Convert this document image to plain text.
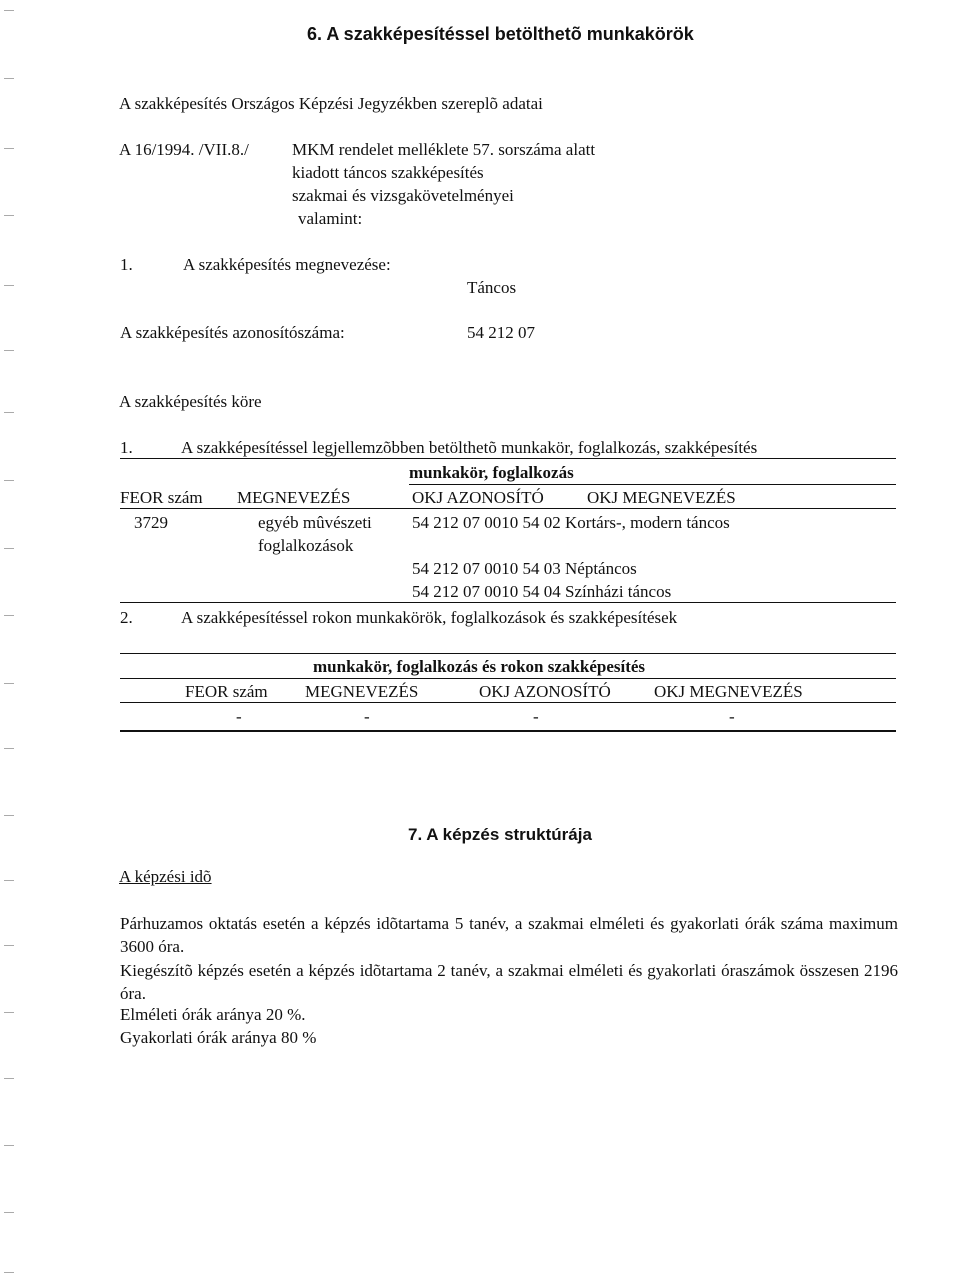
6. A szakképesítéssel betölthetõ munkakörök
A szakképesítés Országos Képzési Jegyzékben szereplõ adatai
A 16/1994. /VII.8./	MKM rendelet melléklete 57. sorszáma alatt
kiadott táncos szakképesítés
szakmai és vizsgakövetelményei
valamint:
1.	A szakképesítés megnevezése:
Táncos
A szakképesítés azonosítószáma:	54 212 07
A szakképesítés köre
1.	A szakképesítéssel legjellemzõbben betölthetõ munkakör, foglalkozás, szakképesítés
munkakör, foglalkozás
FEOR szám MEGNEVEZÉS	OKJ AZONOSÍTÓ	OKJ MEGNEVEZÉS
3729	egyéb mûvészeti
foglalkozások
54 212 07 0010 54 02 Kortárs-, modern táncos
54 212 07 0010 54 03 Néptáncos
54 212 07 0010 54 04 Színházi táncos
2.	A szakképesítéssel rokon munkakörök, foglalkozások és szakképesítések
munkakör, foglalkozás és rokon szakképesítés
FEOR szám MEGNEVEZÉS	OKJ AZONOSÍTÓ	OKJ MEGNEVEZÉS
-	-	-	-
7. A képzés struktúrája
A képzési idõ
Párhuzamos oktatás esetén a képzés idõtartama 5 tanév, a szakmai elméleti és gyakorlati órák száma maximum 3600 óra.
Kiegészítõ képzés esetén a képzés idõtartama 2 tanév, a szakmai elméleti és gyakorlati óraszámok összesen 2196 óra.
Elméleti órák aránya 20 %.
Gyakorlati órák aránya 80 %
